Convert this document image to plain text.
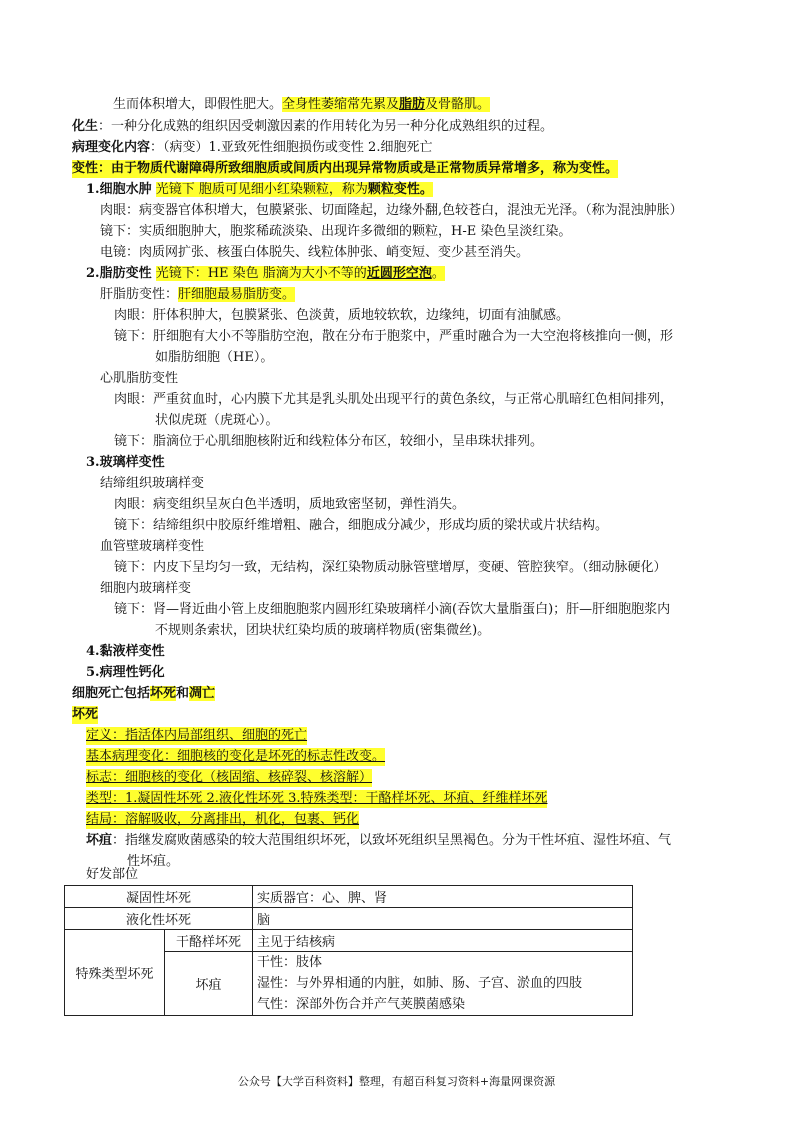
生而体积增大，即假性肥大。全身性萎缩常先累及脂肪及骨骼肌。
化生：一种分化成熟的组织因受刺激因素的作用转化为另一种分化成熟组织的过程。
病理变化内容：（病变）1.亚致死性细胞损伤或变性 2.细胞死亡
变性：由于物质代谢障碍所致细胞质或间质内出现异常物质或是正常物质异常增多，称为变性。
1.细胞水肿 光镜下 胞质可见细小红染颗粒，称为颗粒变性。
肉眼：病变器官体积增大，包膜紧张、切面隆起，边缘外翻,色较苍白，混浊无光泽。（称为混浊肿胀）
镜下：实质细胞肿大，胞浆稀疏淡染、出现许多微细的颗粒，H-E 染色呈淡红染。
电镜：肉质网扩张、核蛋白体脱失、线粒体肿张、峭变短、变少甚至消失。
2.脂肪变性 光镜下：HE 染色 脂滴为大小不等的近圆形空泡。
肝脂肪变性：肝细胞最易脂肪变。
肉眼：肝体积肿大，包膜紧张、色淡黄，质地较软软，边缘纯，切面有油腻感。
镜下：肝细胞有大小不等脂肪空泡，散在分布于胞浆中，严重时融合为一大空泡将核推向一侧，形
如脂肪细胞（HE）。
心肌脂肪变性
肉眼：严重贫血时，心内膜下尤其是乳头肌处出现平行的黄色条纹，与正常心肌暗红色相间排列，
状似虎斑（虎斑心）。
镜下：脂滴位于心肌细胞核附近和线粒体分布区，较细小，呈串珠状排列。
3.玻璃样变性
结缔组织玻璃样变
肉眼：病变组织呈灰白色半透明，质地致密坚韧，弹性消失。
镜下：结缔组织中胶原纤维增粗、融合，细胞成分减少，形成均质的梁状或片状结构。
血管壁玻璃样变性
镜下：内皮下呈均匀一致，无结构，深红染物质动脉管壁增厚，变硬、管腔狭窄。（细动脉硬化）
细胞内玻璃样变
镜下：肾—肾近曲小管上皮细胞胞浆内圆形红染玻璃样小滴(吞饮大量脂蛋白)；肝—肝细胞胞浆内
不规则条索状，团块状红染均质的玻璃样物质(密集微丝)。
4.黏液样变性
5.病理性钙化
细胞死亡包括坏死和凋亡
坏死
定义：指活体内局部组织、细胞的死亡
基本病理变化：细胞核的变化是坏死的标志性改变。
标志：细胞核的变化（核固缩、核碎裂、核溶解）
类型：1.凝固性坏死 2.液化性坏死 3.特殊类型：干酪样坏死、坏疽、纤维样坏死
结局：溶解吸收，分离排出，机化，包裹、钙化
坏疽：指继发腐败菌感染的较大范围组织坏死，以致坏死组织呈黑褐色。分为干性坏疽、湿性坏疽、气
性坏疽。
好发部位
凝固性坏死		实质器官：心、脾、肾
液化性坏死		脑
特殊类型坏死	干酪样坏死	主见于结核病
	坏疽	干性：肢体
湿性：与外界相通的内脏，如肺、肠、子宫、淤血的四肢
气性：深部外伤合并产气荚膜菌感染
公众号【大学百科资料】整理，有超百科复习资料+海量网课资源
